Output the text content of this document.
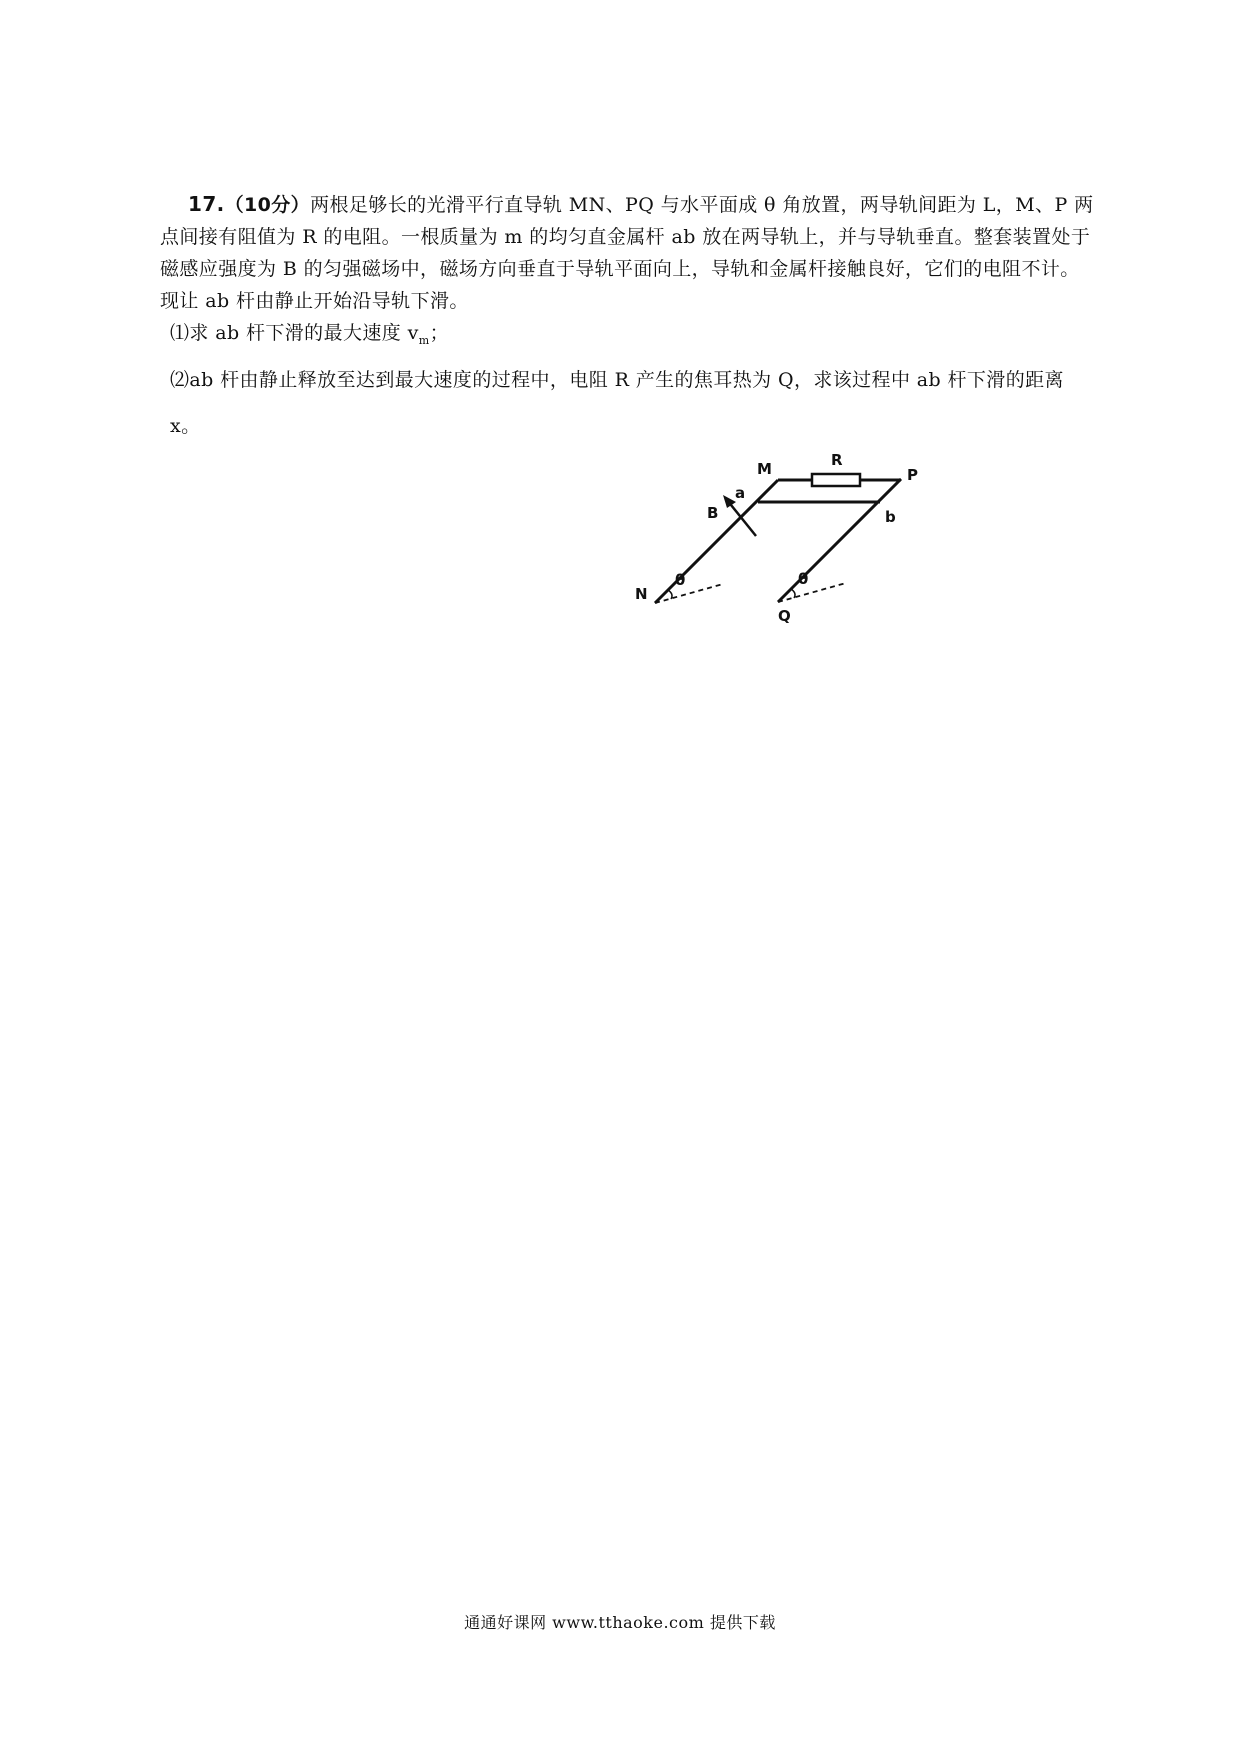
17.（10分）两根足够长的光滑平行直导轨 MN、PQ 与水平面成 θ 角放置，两导轨间距为 L，M、P 两点间接有阻值为 R 的电阻。一根质量为 m 的均匀直金属杆 ab 放在两导轨上，并与导轨垂直。整套装置处于磁感应强度为 B 的匀强磁场中，磁场方向垂直于导轨平面向上，导轨和金属杆接触良好，它们的电阻不计。现让 ab 杆由静止开始沿导轨下滑。

⑴求 ab 杆下滑的最大速度 $v_m$；

⑵ab 杆由静止释放至达到最大速度的过程中，电阻 R 产生的焦耳热为 Q，求该过程中 ab 杆下滑的距离 x。

M	R
P
a
b
B
N
Q
θ	θ
通通好课网 www.tthaoke.com 提供下载
